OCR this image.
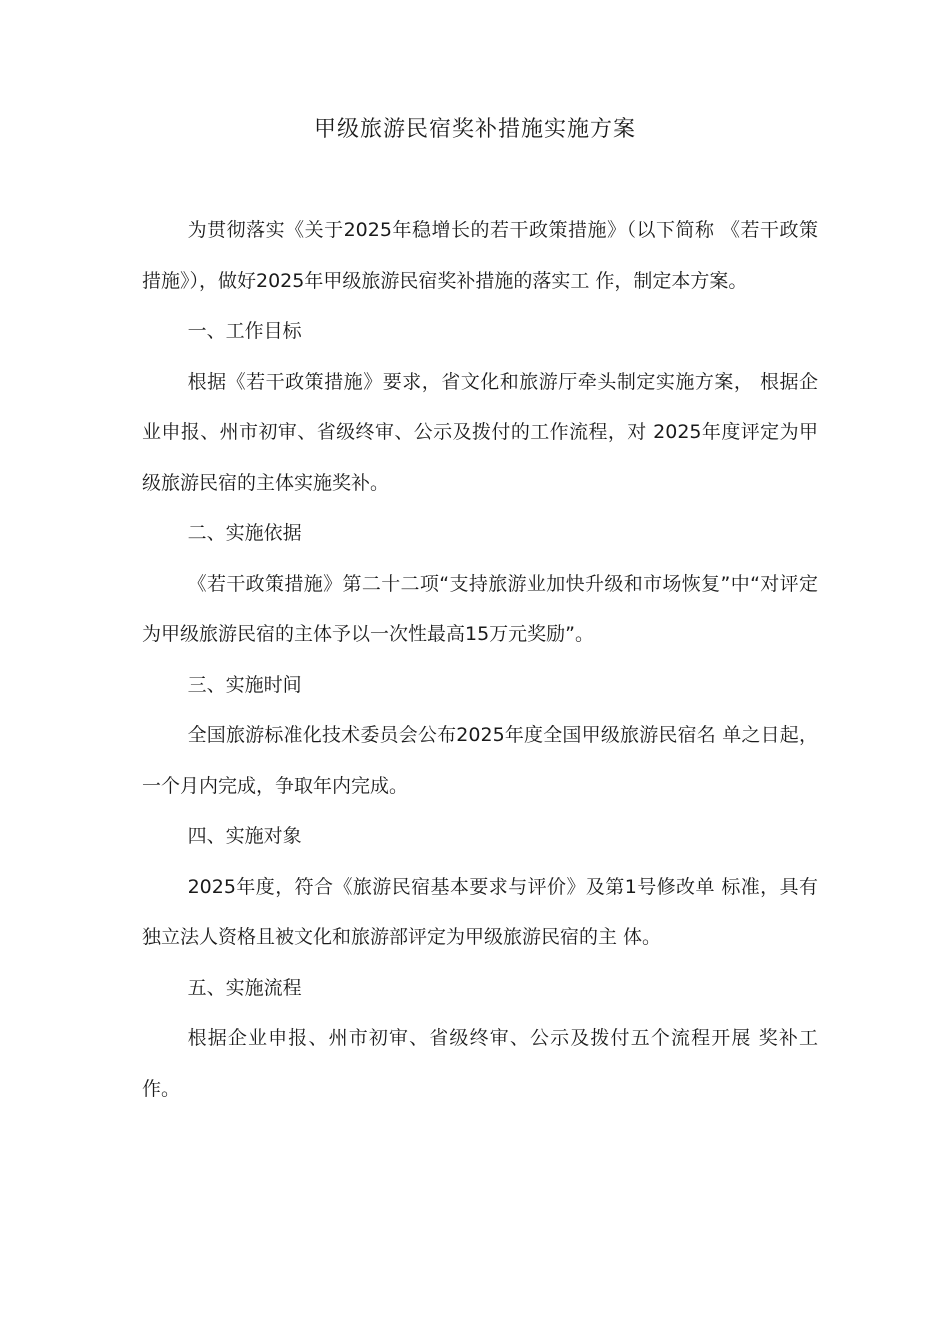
甲级旅游民宿奖补措施实施方案

为贯彻落实《关于2025年稳增长的若干政策措施》（以下简称 《若干政策措施》），做好2025年甲级旅游民宿奖补措施的落实工 作，制定本方案。

一、工作目标

根据《若干政策措施》要求，省文化和旅游厅牵头制定实施方案， 根据企业申报、州市初审、省级终审、公示及拨付的工作流程，对 2025年度评定为甲级旅游民宿的主体实施奖补。

二、实施依据

《若干政策措施》第二十二项“支持旅游业加快升级和市场恢复”中“对评定为甲级旅游民宿的主体予以一次性最高15万元奖励”。

三、实施时间

全国旅游标准化技术委员会公布2025年度全国甲级旅游民宿名 单之日起，一个月内完成，争取年内完成。

四、实施对象

2025年度，符合《旅游民宿基本要求与评价》及第1号修改单 标准，具有独立法人资格且被文化和旅游部评定为甲级旅游民宿的主 体。

五、实施流程

根据企业申报、州市初审、省级终审、公示及拨付五个流程开展 奖补工作。
